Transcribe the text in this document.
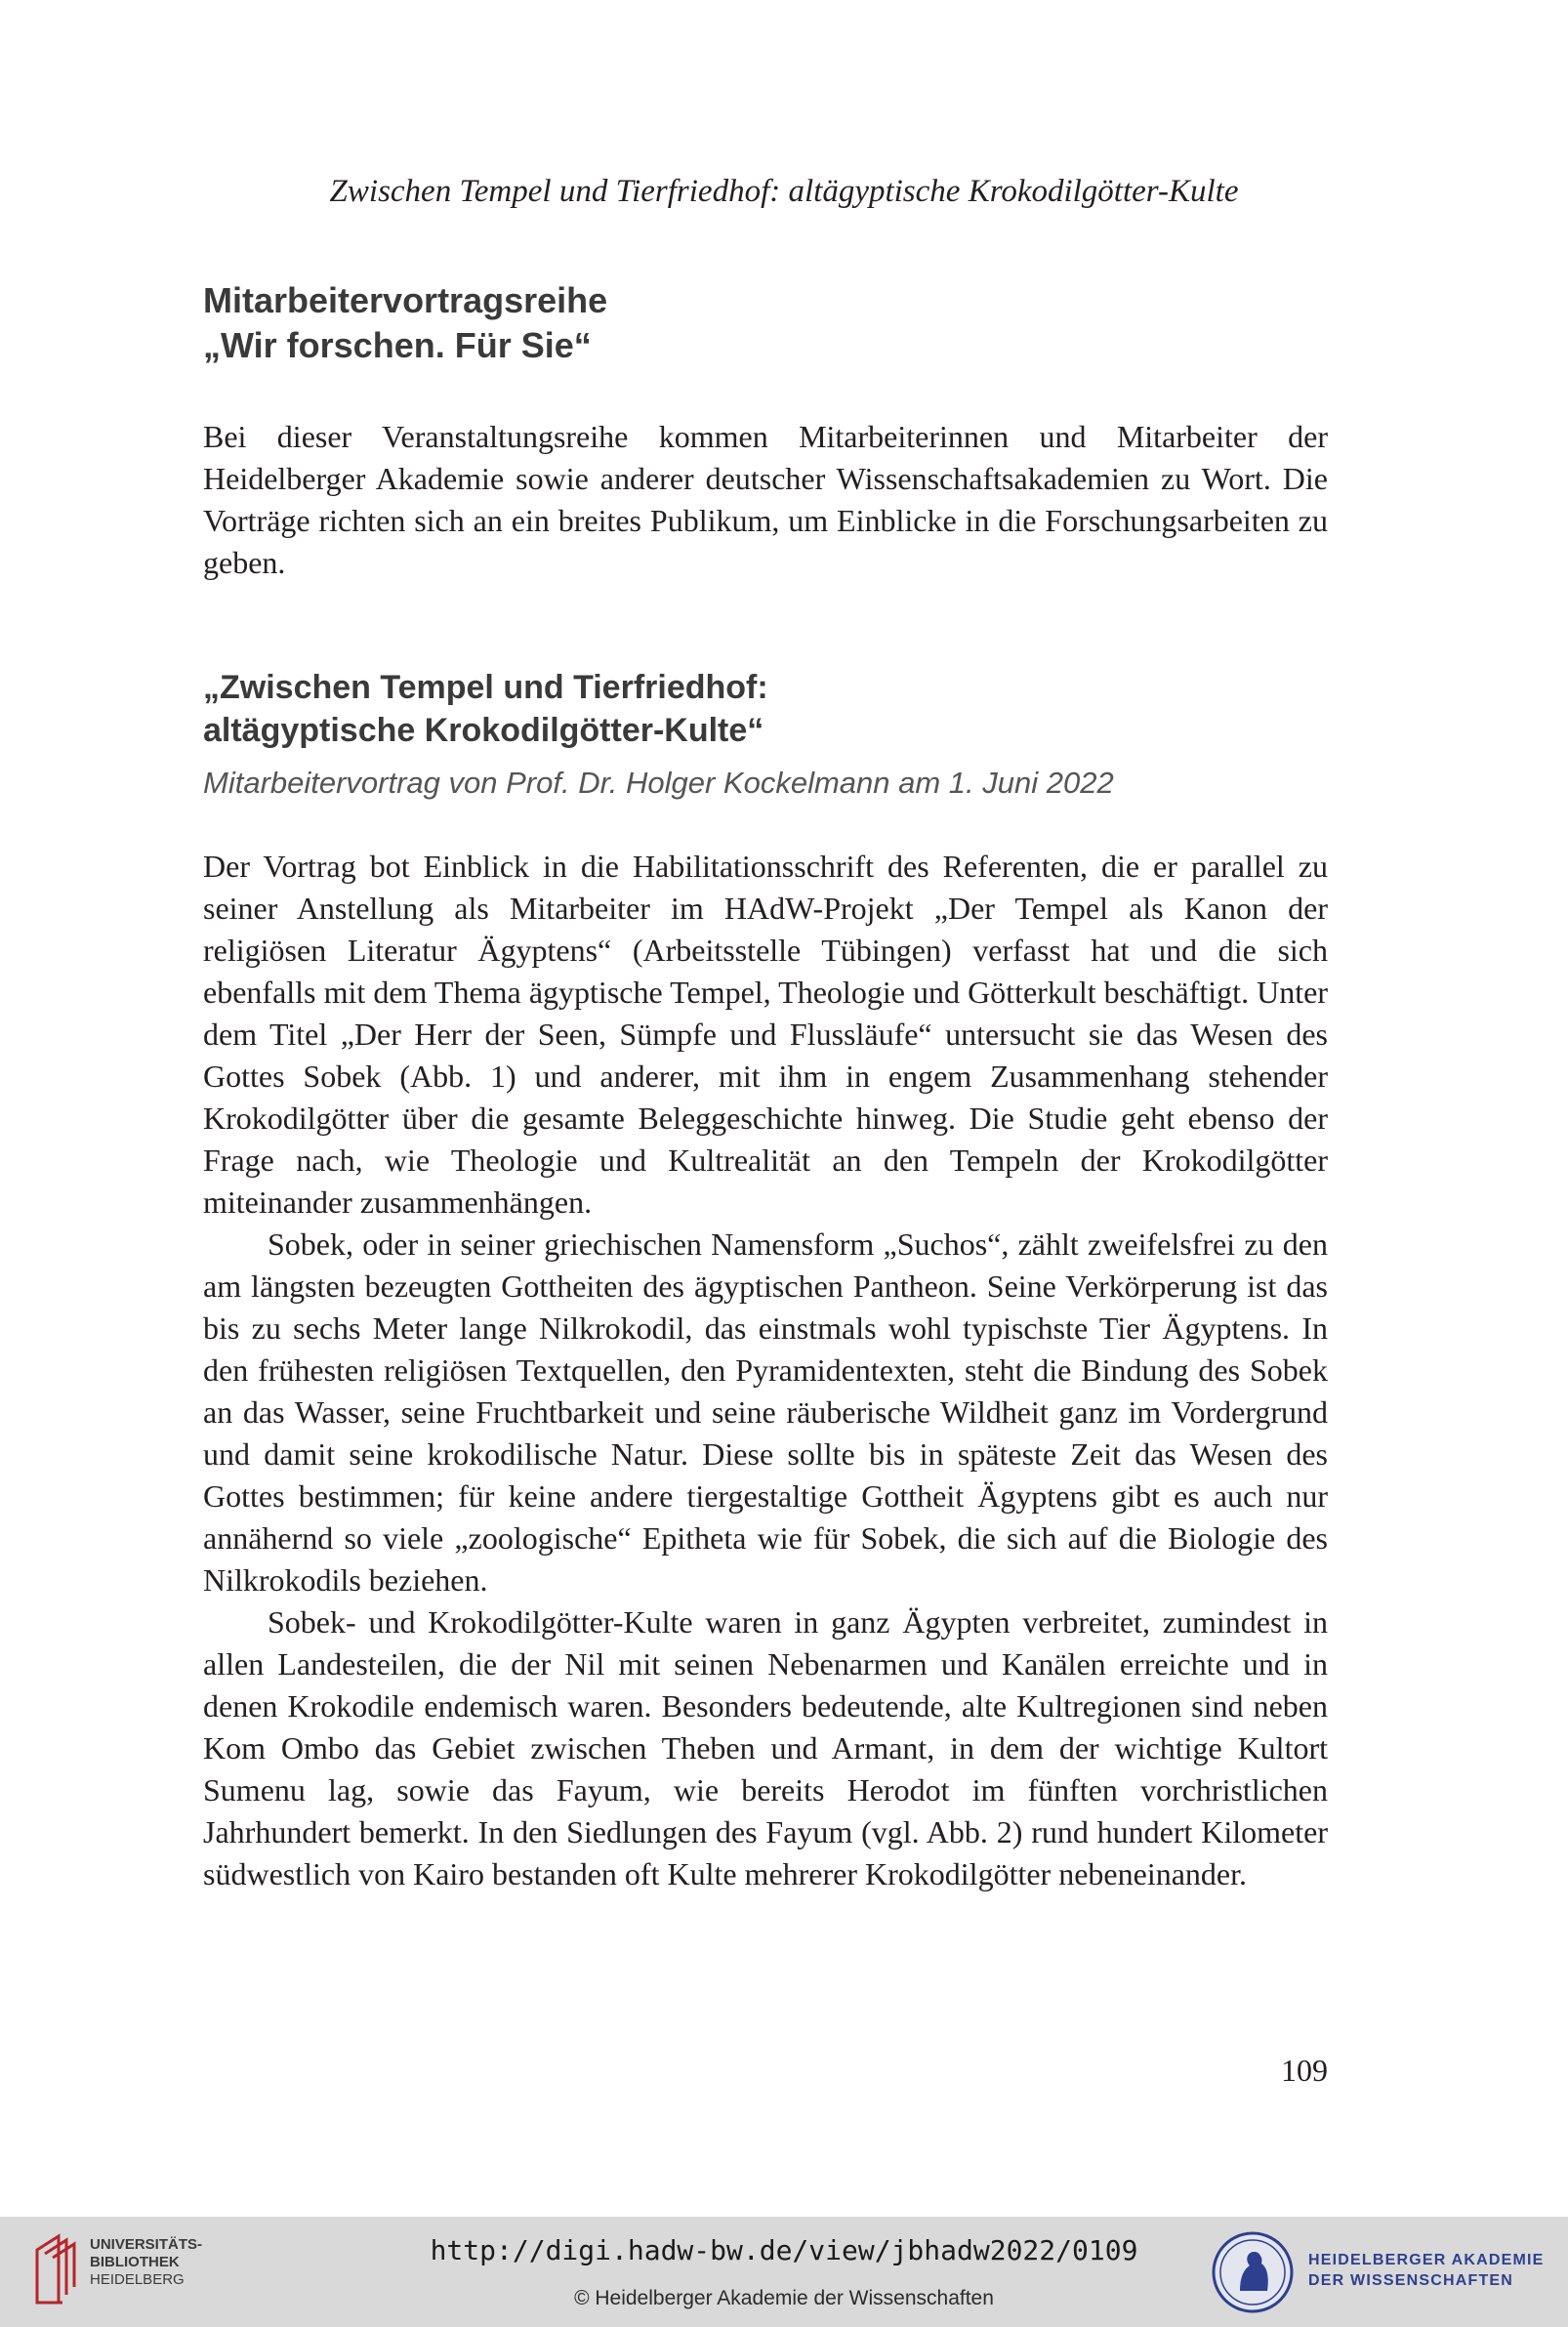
Zwischen Tempel und Tierfriedhof: altägyptische Krokodilgötter-Kulte
Mitarbeitervortragsreihe
„Wir forschen. Für Sie“

Bei dieser Veranstaltungsreihe kommen Mitarbeiterinnen und Mitarbeiter der Heidelberger Akademie sowie anderer deutscher Wissenschaftsakademien zu Wort. Die Vorträge richten sich an ein breites Publikum, um Einblicke in die Forschungsarbeiten zu geben.

„Zwischen Tempel und Tierfriedhof:
altägyptische Krokodilgötter-Kulte“
Mitarbeitervortrag von Prof. Dr. Holger Kockelmann am 1. Juni 2022

Der Vortrag bot Einblick in die Habilitationsschrift des Referenten, die er parallel zu seiner Anstellung als Mitarbeiter im HAdW-Projekt „Der Tempel als Kanon der religiösen Literatur Ägyptens“ (Arbeitsstelle Tübingen) verfasst hat und die sich ebenfalls mit dem Thema ägyptische Tempel, Theologie und Götterkult beschäftigt. Unter dem Titel „Der Herr der Seen, Sümpfe und Flussläufe“ untersucht sie das Wesen des Gottes Sobek (Abb. 1) und anderer, mit ihm in engem Zusammenhang stehender Krokodilgötter über die gesamte Beleggeschichte hinweg. Die Studie geht ebenso der Frage nach, wie Theologie und Kultrealität an den Tempeln der Krokodilgötter miteinander zusammenhängen.

Sobek, oder in seiner griechischen Namensform „Suchos“, zählt zweifelsfrei zu den am längsten bezeugten Gottheiten des ägyptischen Pantheon. Seine Verkörperung ist das bis zu sechs Meter lange Nilkrokodil, das einstmals wohl typischste Tier Ägyptens. In den frühesten religiösen Textquellen, den Pyramidentexten, steht die Bindung des Sobek an das Wasser, seine Fruchtbarkeit und seine räuberische Wildheit ganz im Vordergrund und damit seine krokodilische Natur. Diese sollte bis in späteste Zeit das Wesen des Gottes bestimmen; für keine andere tiergestaltige Gottheit Ägyptens gibt es auch nur annähernd so viele „zoologische“ Epitheta wie für Sobek, die sich auf die Biologie des Nilkrokodils beziehen.

Sobek- und Krokodilgötter-Kulte waren in ganz Ägypten verbreitet, zumindest in allen Landesteilen, die der Nil mit seinen Nebenarmen und Kanälen erreichte und in denen Krokodile endemisch waren. Besonders bedeutende, alte Kultregionen sind neben Kom Ombo das Gebiet zwischen Theben und Armant, in dem der wichtige Kultort Sumenu lag, sowie das Fayum, wie bereits Herodot im fünften vorchristlichen Jahrhundert bemerkt. In den Siedlungen des Fayum (vgl. Abb. 2) rund hundert Kilometer südwestlich von Kairo bestanden oft Kulte mehrerer Krokodilgötter nebeneinander.

109
UNIVERSITÄTS-
BIBLIOTHEK
HEIDELBERG
http://digi.hadw-bw.de/view/jbhadw2022/0109
© Heidelberger Akademie der Wissenschaften
HEIDELBERGER AKADEMIE
DER WISSENSCHAFTEN
